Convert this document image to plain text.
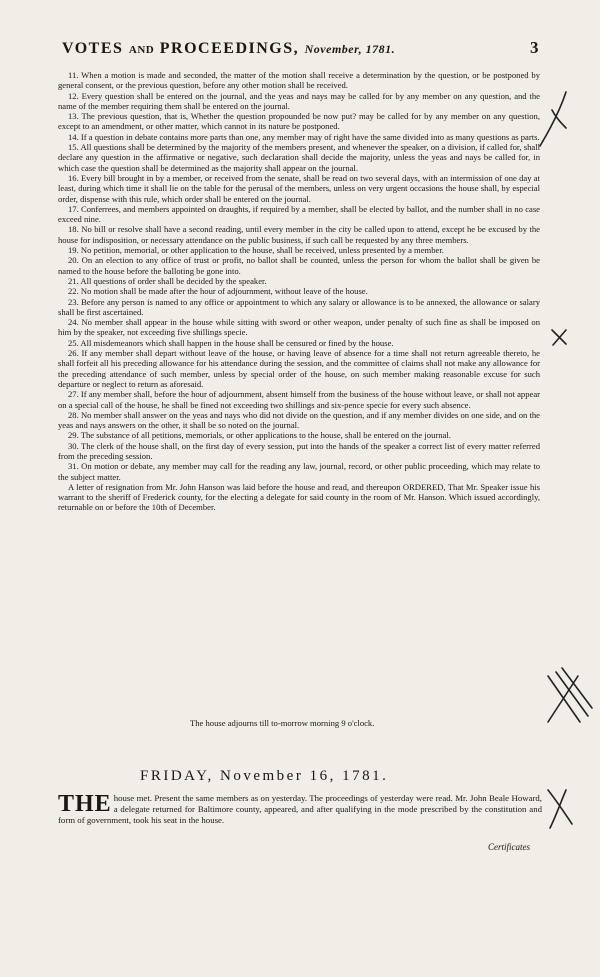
VOTES AND PROCEEDINGS, November, 1781.	3

11. When a motion is made and seconded, the matter of the motion shall receive a determination by the question, or be postponed by general consent, or the previous question, before any other motion shall be received.

12. Every question shall be entered on the journal, and the yeas and nays may be called for by any member on any question, and the name of the member requiring them shall be entered on the journal.

13. The previous question, that is, Whether the question propounded be now put? may be called for by any member on any question, except to an amendment, or other matter, which cannot in its nature be postponed.

14. If a question in debate contains more parts than one, any member may of right have the same divided into as many questions as parts.

15. All questions shall be determined by the majority of the members present, and whenever the speaker, on a division, if called for, shall declare any question in the affirmative or negative, such declaration shall decide the majority, unless the yeas and nays be called for, in which case the question shall be determined as the majority shall appear on the journal.

16. Every bill brought in by a member, or received from the senate, shall be read on two several days, with an intermission of one day at least, during which time it shall lie on the table for the perusal of the members, unless on very urgent occasions the house shall, by especial order, dispense with this rule, which order shall be entered on the journal.

17. Conferrees, and members appointed on draughts, if required by a member, shall be elected by ballot, and the number shall in no case exceed nine.

18. No bill or resolve shall have a second reading, until every member in the city be called upon to attend, except he be excused by the house for indisposition, or necessary attendance on the public business, if such call be requested by any three members.

19. No petition, memorial, or other application to the house, shall be received, unless presented by a member.

20. On an election to any office of trust or profit, no ballot shall be counted, unless the person for whom the ballot shall be given be named to the house before the balloting be gone into.

21. All questions of order shall be decided by the speaker.

22. No motion shall be made after the hour of adjournment, without leave of the house.

23. Before any person is named to any office or appointment to which any salary or allowance is to be annexed, the allowance or salary shall be first ascertained.

24. No member shall appear in the house while sitting with sword or other weapon, under penalty of such fine as shall be imposed on him by the speaker, not exceeding five shillings specie.

25. All misdemeanors which shall happen in the house shall be censured or fined by the house.

26. If any member shall depart without leave of the house, or having leave of absence for a time shall not return agreeable thereto, he shall forfeit all his preceding allowance for his attendance during the session, and the committee of claims shall not make any allowance for the preceding attendance of such member, unless by special order of the house, on such member making reasonable excuse for such departure or neglect to return as aforesaid.

27. If any member shall, before the hour of adjournment, absent himself from the business of the house without leave, or shall not appear on a special call of the house, he shall be fined not exceeding two shillings and six-pence specie for every such absence.

28. No member shall answer on the yeas and nays who did not divide on the question, and if any member divides on one side, and on the yeas and nays answers on the other, it shall be so noted on the journal.

29. The substance of all petitions, memorials, or other applications to the house, shall be entered on the journal.

30. The clerk of the house shall, on the first day of every session, put into the hands of the speaker a correct list of every matter referred from the preceding session.

31. On motion or debate, any member may call for the reading any law, journal, record, or other public proceeding, which may relate to the subject matter.

A letter of resignation from Mr. John Hanson was laid before the house and read, and thereupon ORDERED, That Mr. Speaker issue his warrant to the sheriff of Frederick county, for the electing a delegate for said county in the room of Mr. Hanson. Which issued accordingly, returnable on or before the 10th of December.

The house adjourns till to-morrow morning 9 o'clock.
FRIDAY, November 16, 1781.
THE house met. Present the same members as on yesterday. The proceedings of yesterday were read. Mr. John Beale Howard, a delegate returned for Baltimore county, appeared, and after qualifying in the mode prescribed by the constitution and form of government, took his seat in the house.
Certificates
